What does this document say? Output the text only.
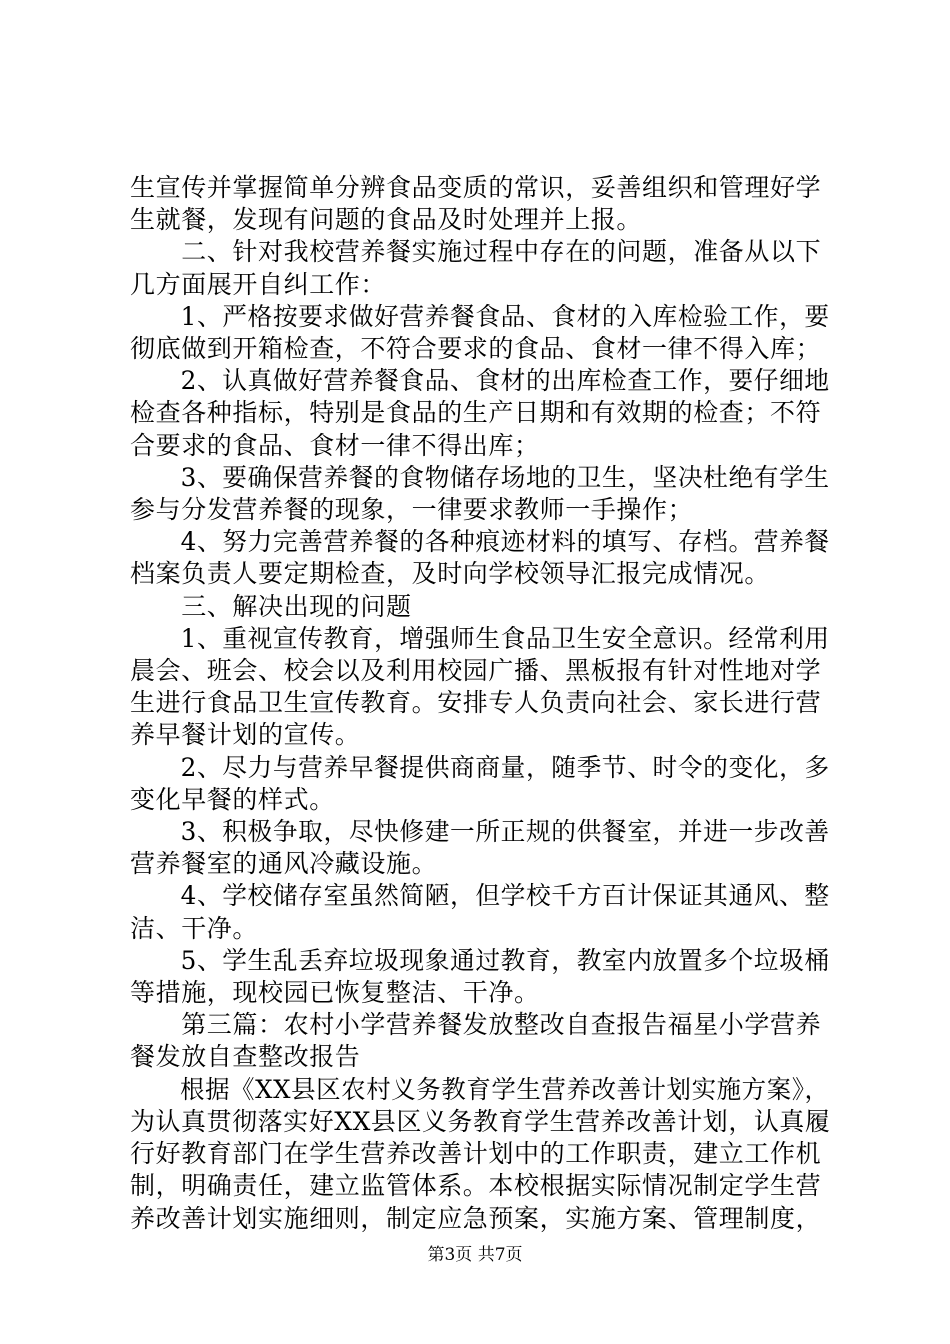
生宣传并掌握简单分辨食品变质的常识，妥善组织和管理好学
生就餐，发现有问题的食品及时处理并上报。
　　二、针对我校营养餐实施过程中存在的问题，准备从以下
几方面展开自纠工作：
　　1、严格按要求做好营养餐食品、食材的入库检验工作，要
彻底做到开箱检查，不符合要求的食品、食材一律不得入库；
　　2、认真做好营养餐食品、食材的出库检查工作，要仔细地
检查各种指标，特别是食品的生产日期和有效期的检查；不符
合要求的食品、食材一律不得出库；
　　3、要确保营养餐的食物储存场地的卫生，坚决杜绝有学生
参与分发营养餐的现象，一律要求教师一手操作；
　　4、努力完善营养餐的各种痕迹材料的填写、存档。营养餐
档案负责人要定期检查，及时向学校领导汇报完成情况。
　　三、解决出现的问题
　　1、重视宣传教育，增强师生食品卫生安全意识。经常利用
晨会、班会、校会以及利用校园广播、黑板报有针对性地对学
生进行食品卫生宣传教育。安排专人负责向社会、家长进行营
养早餐计划的宣传。
　　2、尽力与营养早餐提供商商量，随季节、时令的变化，多
变化早餐的样式。
　　3、积极争取，尽快修建一所正规的供餐室，并进一步改善
营养餐室的通风冷藏设施。
　　4、学校储存室虽然简陋，但学校千方百计保证其通风、整
洁、干净。
　　5、学生乱丢弃垃圾现象通过教育，教室内放置多个垃圾桶
等措施，现校园已恢复整洁、干净。
　　第三篇：农村小学营养餐发放整改自查报告福星小学营养
餐发放自查整改报告
　　根据《XX县区农村义务教育学生营养改善计划实施方案》，
为认真贯彻落实好XX县区义务教育学生营养改善计划，认真履
行好教育部门在学生营养改善计划中的工作职责，建立工作机
制，明确责任，建立监管体系。本校根据实际情况制定学生营
养改善计划实施细则，制定应急预案，实施方案、管理制度，
第3页 共7页
